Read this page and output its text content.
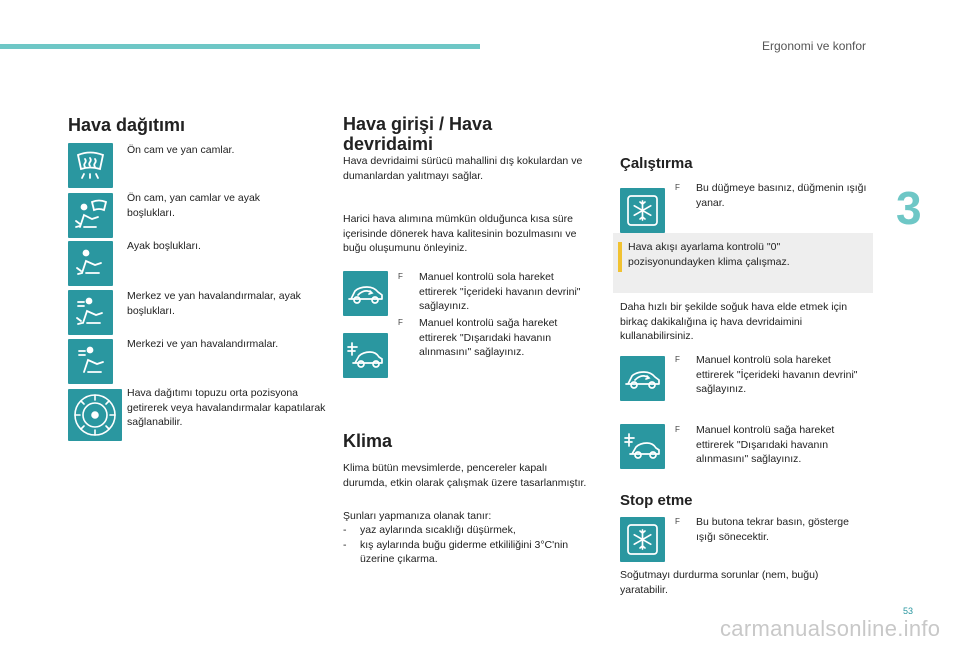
Ergonomi ve konfor
3
Hava dağıtımı
Ön cam ve yan camlar.
Ön cam, yan camlar ve ayak boşlukları.
Ayak boşlukları.
Merkez ve yan havalandırmalar, ayak boşlukları.
Merkezi ve yan havalandırmalar.
Hava dağıtımı topuzu orta pozisyona getirerek veya havalandırmalar kapatılarak sağlanabilir.
Hava girişi / Hava
devridaimi
Hava devridaimi sürücü mahallini dış kokulardan ve dumanlardan yalıtmayı sağlar.
Harici hava alımına mümkün olduğunca kısa süre içerisinde dönerek hava kalitesinin bozulmasını ve buğu oluşumunu önleyiniz.
F Manuel kontrolü sola hareket ettirerek "İçerideki havanın devrini" sağlayınız.
F Manuel kontrolü sağa hareket ettirerek "Dışarıdaki havanın alınmasını" sağlayınız.
Klima
Klima bütün mevsimlerde, pencereler kapalı durumda, etkin olarak çalışmak üzere tasarlanmıştır.
Şunları yapmanıza olanak tanır:
- yaz aylarında sıcaklığı düşürmek,
- kış aylarında buğu giderme etkililiğini 3°C'nin üzerine çıkarma.
Çalıştırma
F Bu düğmeye basınız, düğmenin ışığı yanar.
Hava akışı ayarlama kontrolü "0" pozisyonundayken klima çalışmaz.
Daha hızlı bir şekilde soğuk hava elde etmek için birkaç dakikalığına iç hava devridaimini kullanabilirsiniz.
F Manuel kontrolü sola hareket ettirerek "İçerideki havanın devrini" sağlayınız.
F Manuel kontrolü sağa hareket ettirerek "Dışarıdaki havanın alınmasını" sağlayınız.
Stop etme
F Bu butona tekrar basın, gösterge ışığı sönecektir.
Soğutmayı durdurma sorunlar (nem, buğu) yaratabilir.
53
carmanualsonline.info
